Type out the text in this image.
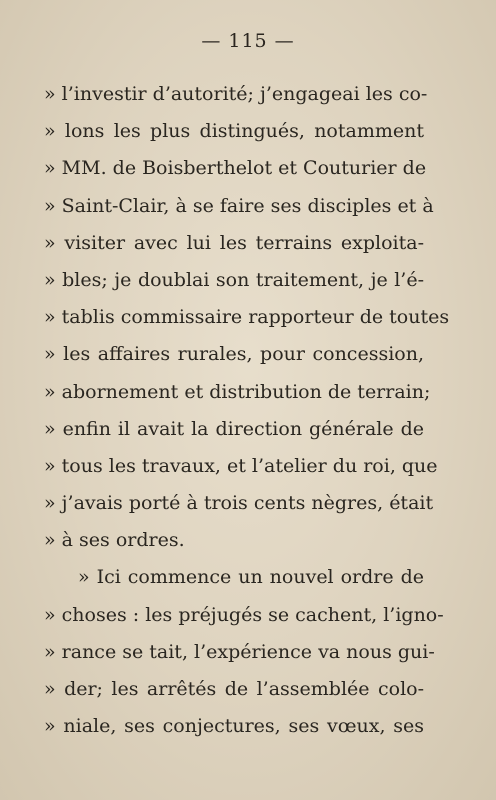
— 115 —
» l’investir d’autorité; j’engageai les co-
» lons les plus distingués, notamment
» MM. de Boisberthelot et Couturier de
» Saint-Clair, à se faire ses disciples et à
» visiter avec lui les terrains exploita-
» bles; je doublai son traitement, je l’é-
» tablis commissaire rapporteur de toutes
» les affaires rurales, pour concession,
» abornement et distribution de terrain;
» enfin il avait la direction générale de
» tous les travaux, et l’atelier du roi, que
» j’avais porté à trois cents nègres, était
» à ses ordres.
» Ici commence un nouvel ordre de
» choses : les préjugés se cachent, l’igno-
» rance se tait, l’expérience va nous gui-
» der; les arrêtés de l’assemblée colo-
» niale, ses conjectures, ses vœux, ses
